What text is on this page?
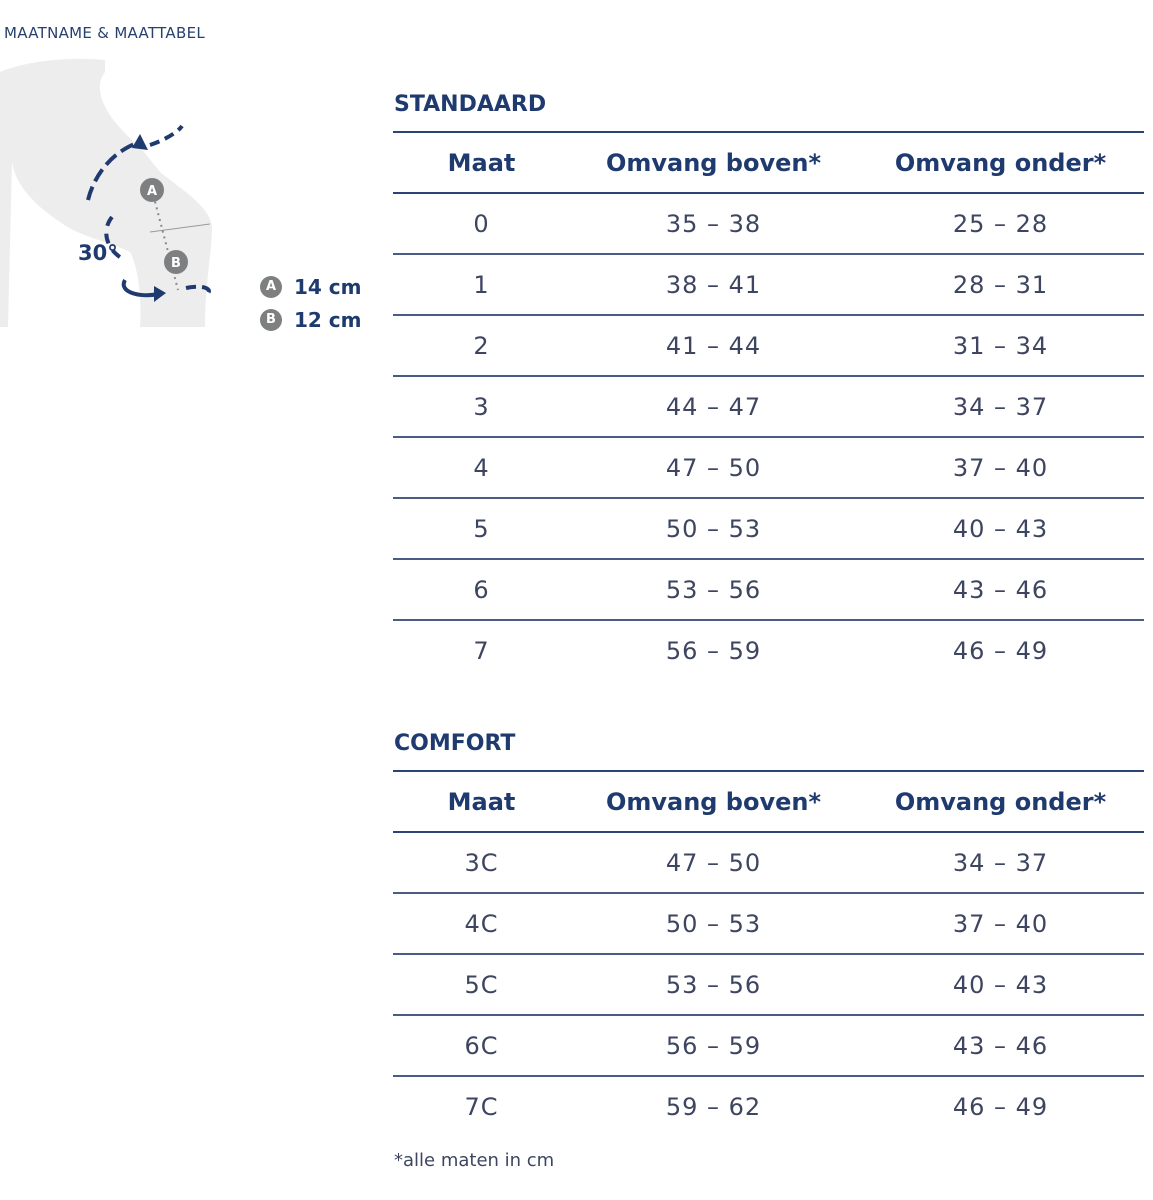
MAATNAME & MAATTABEL
A
B
30°
A 14 cm
B 12 cm
STANDAARD
Maat	Omvang boven*	Omvang onder*
0	35 – 38	25 – 28
1	38 – 41	28 – 31
2	41 – 44	31 – 34
3	44 – 47	34 – 37
4	47 – 50	37 – 40
5	50 – 53	40 – 43
6	53 – 56	43 – 46
7	56 – 59	46 – 49
COMFORT
Maat	Omvang boven*	Omvang onder*
3C	47 – 50	34 – 37
4C	50 – 53	37 – 40
5C	53 – 56	40 – 43
6C	56 – 59	43 – 46
7C	59 – 62	46 – 49
*alle maten in cm
